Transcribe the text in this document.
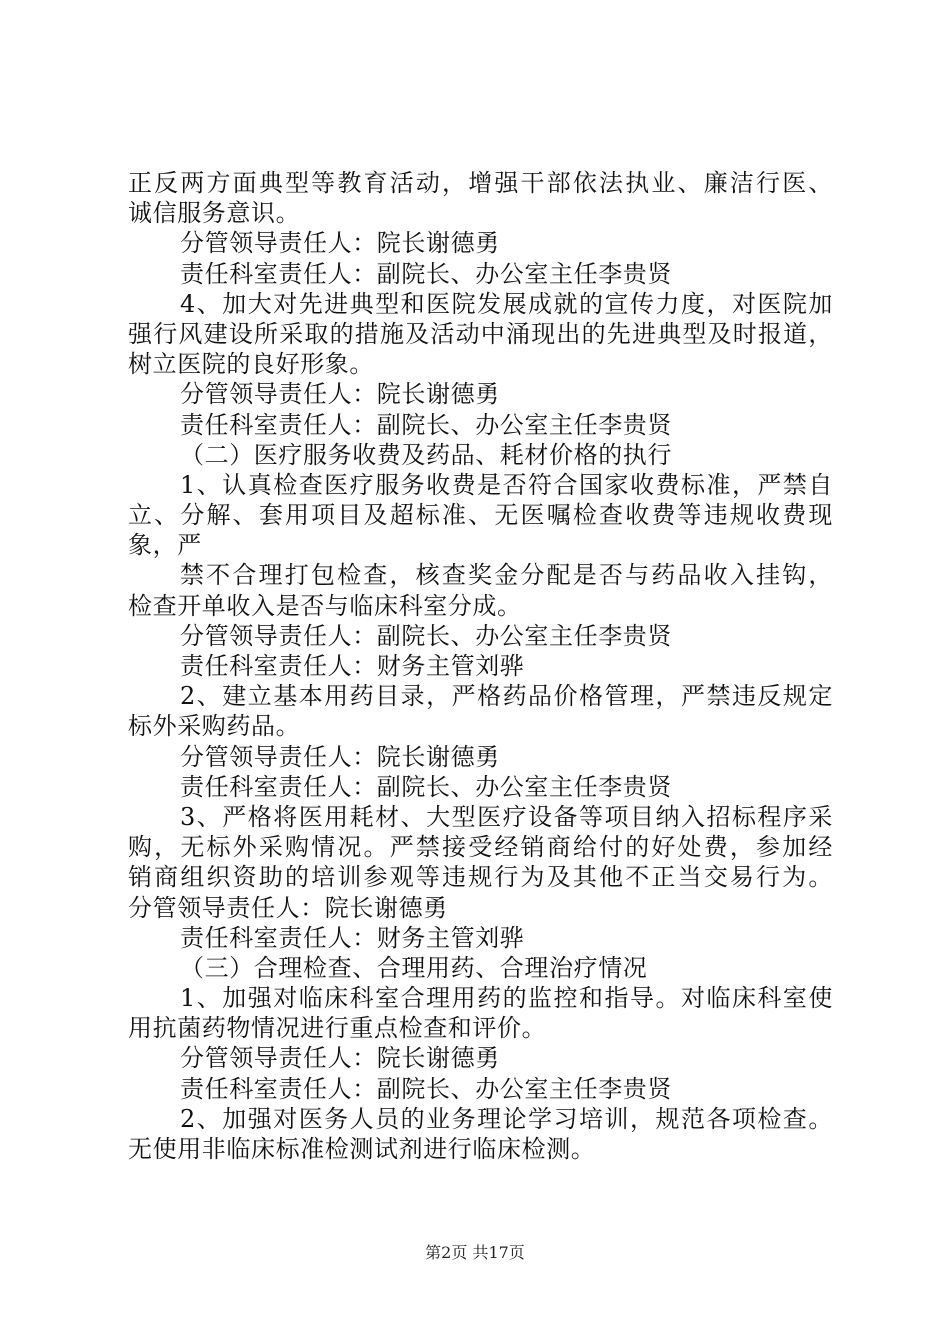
正反两方面典型等教育活动，增强干部依法执业、廉洁行医、
诚信服务意识。
分管领导责任人：院长谢德勇
责任科室责任人：副院长、办公室主任李贵贤
4、加大对先进典型和医院发展成就的宣传力度，对医院加
强行风建设所采取的措施及活动中涌现出的先进典型及时报道，
树立医院的良好形象。
分管领导责任人：院长谢德勇
责任科室责任人：副院长、办公室主任李贵贤
（二）医疗服务收费及药品、耗材价格的执行
1、认真检查医疗服务收费是否符合国家收费标准，严禁自
立、分解、套用项目及超标准、无医嘱检查收费等违规收费现
象，严
禁不合理打包检查，核查奖金分配是否与药品收入挂钩，
检查开单收入是否与临床科室分成。
分管领导责任人：副院长、办公室主任李贵贤
责任科室责任人：财务主管刘骅
2、建立基本用药目录，严格药品价格管理，严禁违反规定
标外采购药品。
分管领导责任人：院长谢德勇
责任科室责任人：副院长、办公室主任李贵贤
3、严格将医用耗材、大型医疗设备等项目纳入招标程序采
购，无标外采购情况。严禁接受经销商给付的好处费，参加经
销商组织资助的培训参观等违规行为及其他不正当交易行为。
分管领导责任人：院长谢德勇
责任科室责任人：财务主管刘骅
（三）合理检查、合理用药、合理治疗情况
1、加强对临床科室合理用药的监控和指导。对临床科室使
用抗菌药物情况进行重点检查和评价。
分管领导责任人：院长谢德勇
责任科室责任人：副院长、办公室主任李贵贤
2、加强对医务人员的业务理论学习培训，规范各项检查。
无使用非临床标准检测试剂进行临床检测。
第2页 共17页
